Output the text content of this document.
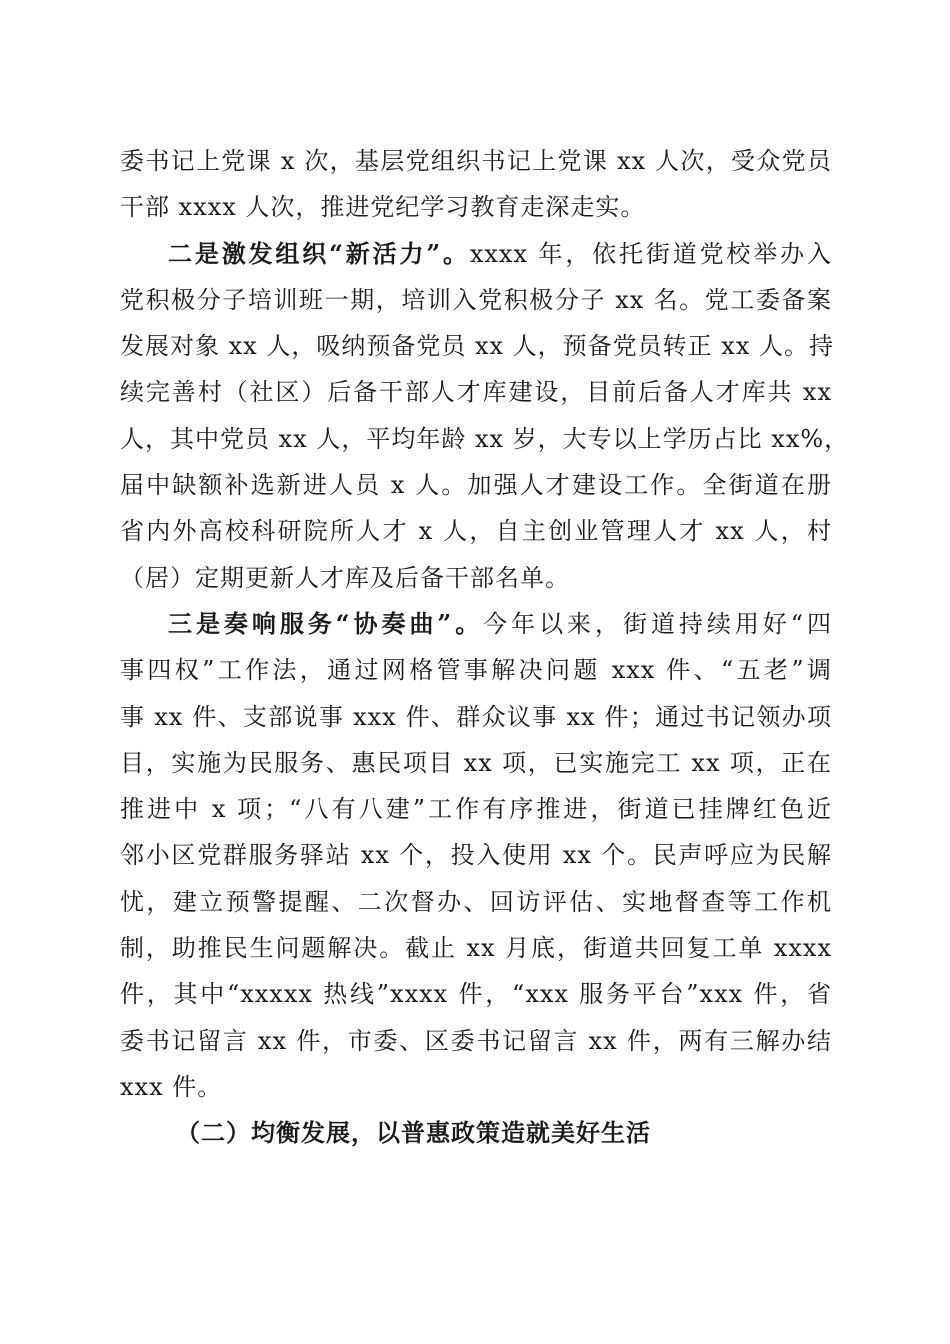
委书记上党课 x 次，基层党组织书记上党课 xx 人次，受众党员
干部 xxxx 人次，推进党纪学习教育走深走实。
二是激发组织“新活力”。xxxx 年，依托街道党校举办入
党积极分子培训班一期，培训入党积极分子 xx 名。党工委备案
发展对象 xx 人，吸纳预备党员 xx 人，预备党员转正 xx 人。持
续完善村（社区）后备干部人才库建设，目前后备人才库共 xx
人，其中党员 xx 人，平均年龄 xx 岁，大专以上学历占比 xx%，
届中缺额补选新进人员 x 人。加强人才建设工作。全街道在册
省内外高校科研院所人才 x 人，自主创业管理人才 xx 人，村
（居）定期更新人才库及后备干部名单。
三是奏响服务“协奏曲”。今年以来，街道持续用好“四
事四权”工作法，通过网格管事解决问题 xxx 件、“五老”调
事 xx 件、支部说事 xxx 件、群众议事 xx 件；通过书记领办项
目，实施为民服务、惠民项目 xx 项，已实施完工 xx 项，正在
推进中 x 项；“八有八建”工作有序推进，街道已挂牌红色近
邻小区党群服务驿站 xx 个，投入使用 xx 个。民声呼应为民解
忧，建立预警提醒、二次督办、回访评估、实地督查等工作机
制，助推民生问题解决。截止 xx 月底，街道共回复工单 xxxx
件，其中“xxxxx 热线”xxxx 件，“xxx 服务平台”xxx 件，省
委书记留言 xx 件，市委、区委书记留言 xx 件，两有三解办结
xxx 件。
（二）均衡发展，以普惠政策造就美好生活
